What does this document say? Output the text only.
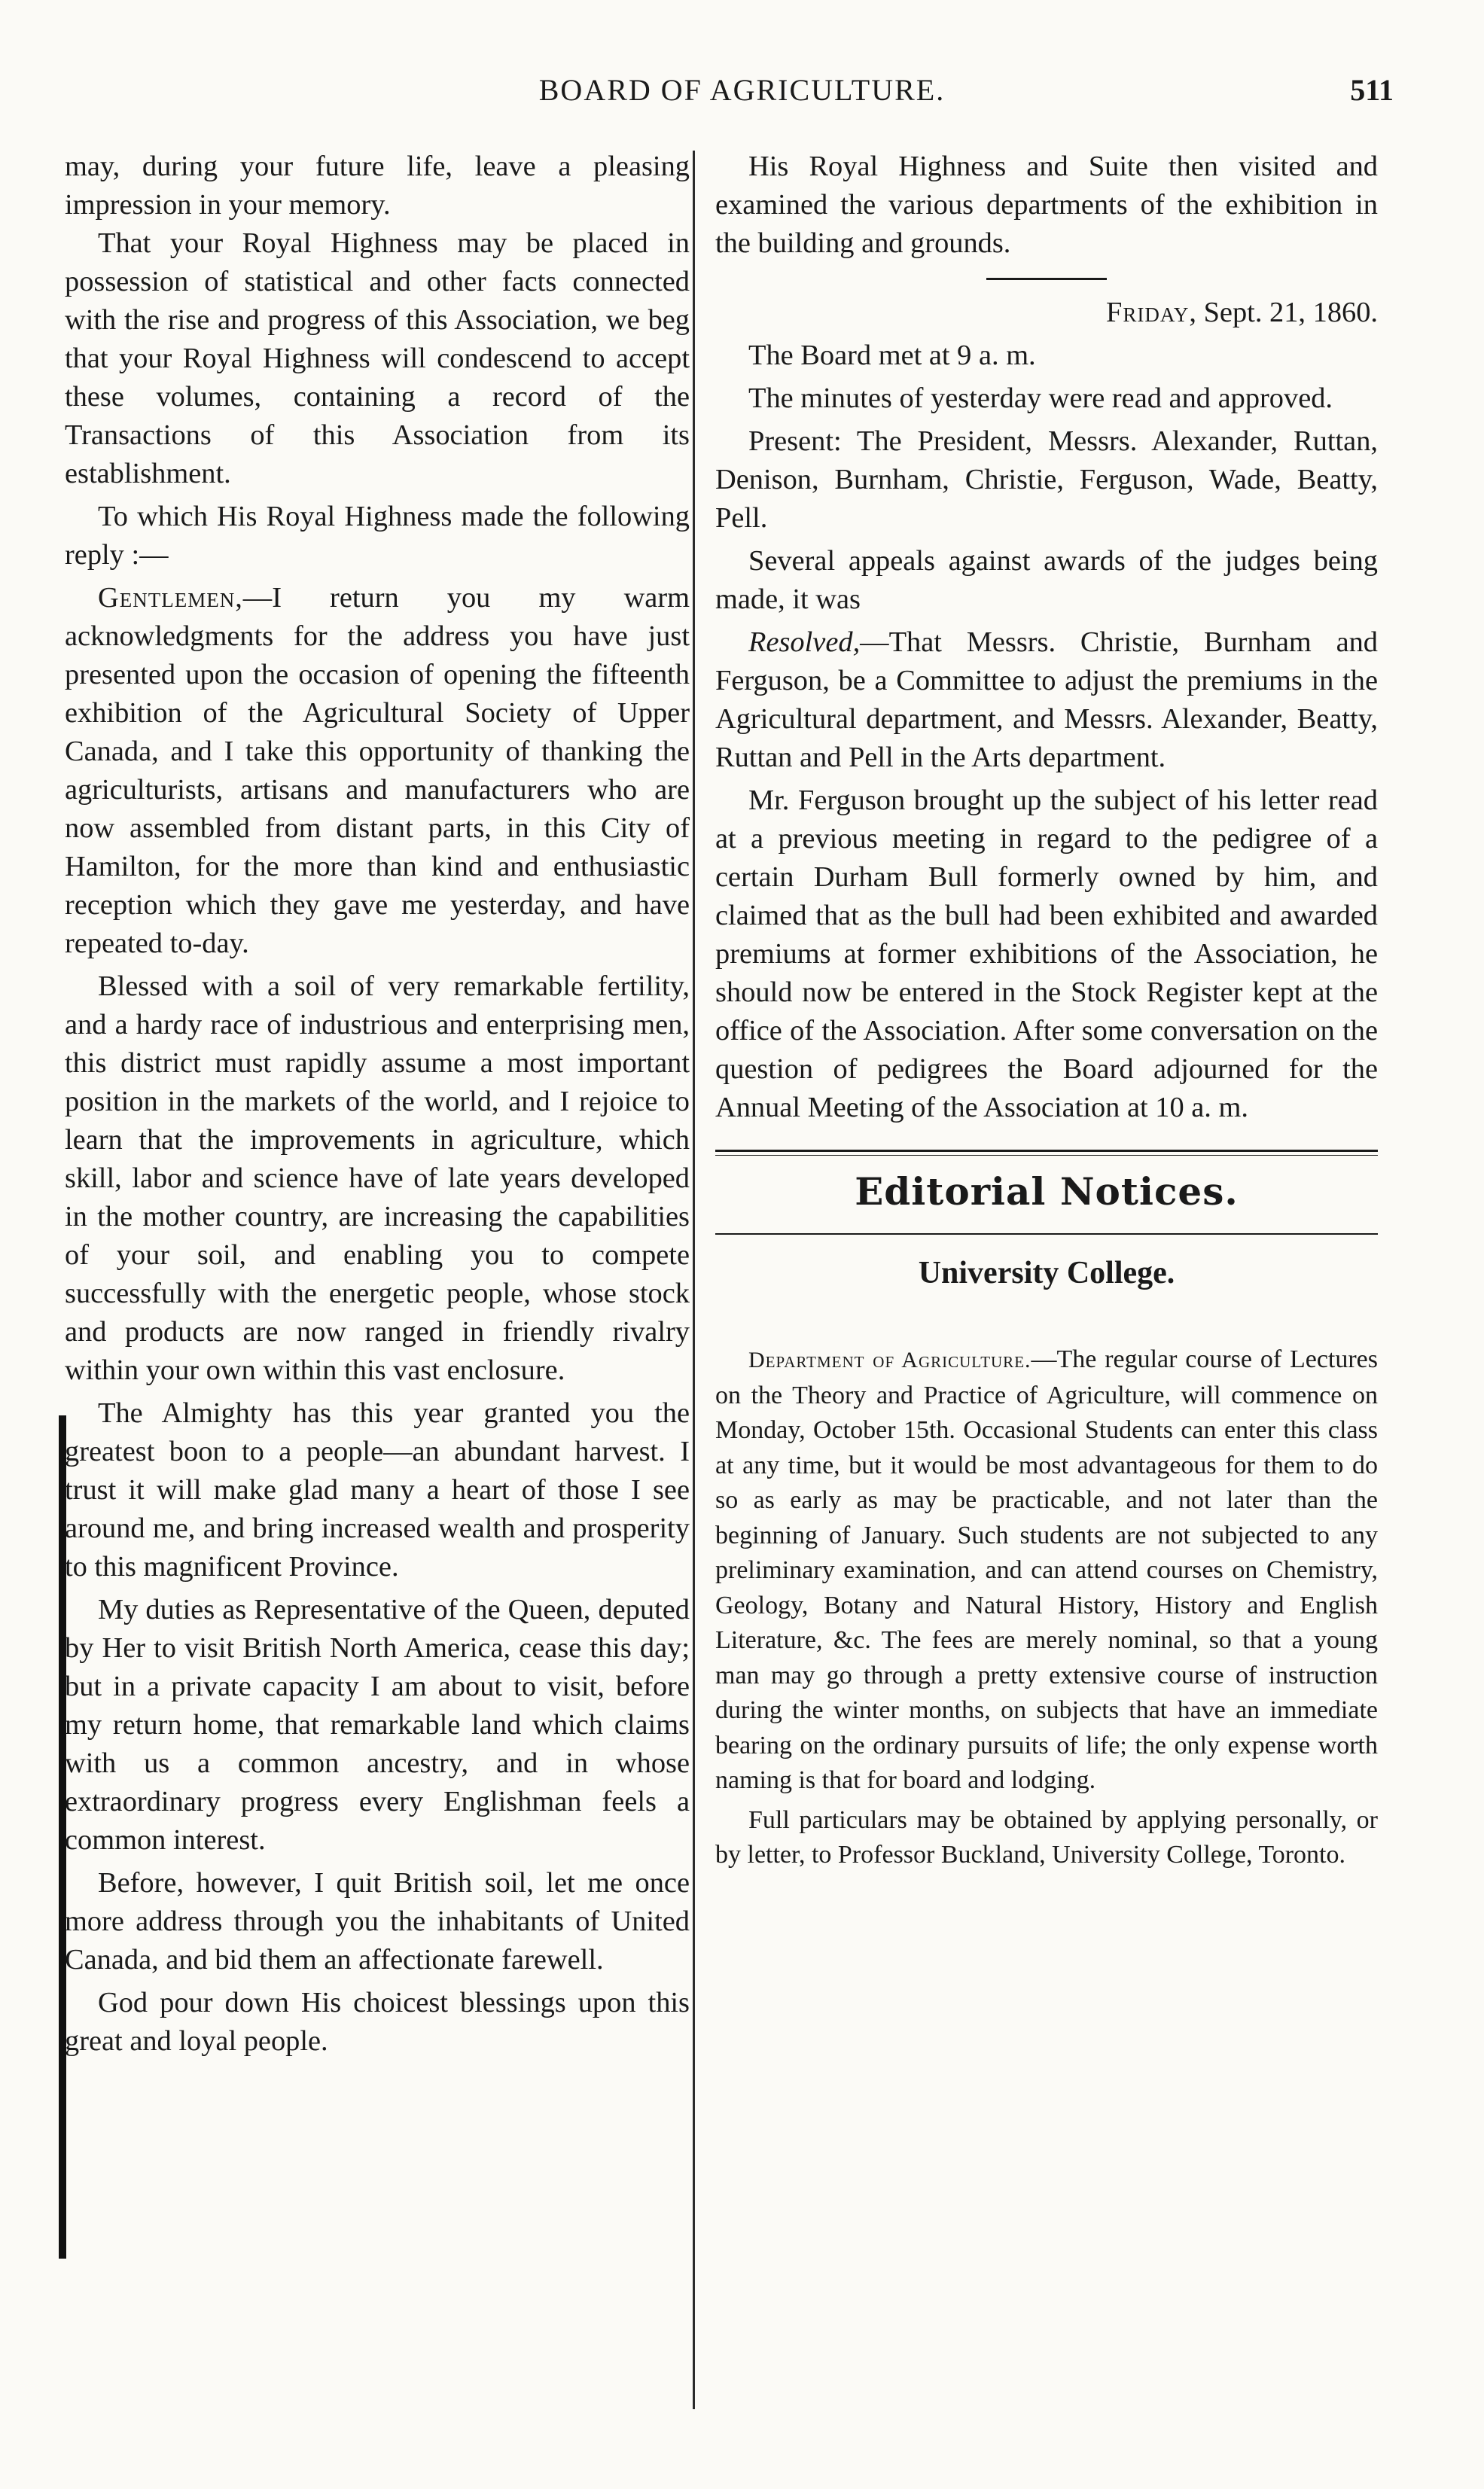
BOARD OF AGRICULTURE.	511

may, during your future life, leave a pleasing impression in your memory.

That your Royal Highness may be placed in possession of statistical and other facts connected with the rise and progress of this Association, we beg that your Royal Highness will condescend to accept these volumes, containing a record of the Transactions of this Association from its establishment.

To which His Royal Highness made the following reply :—

Gentlemen,—I return you my warm acknowledgments for the address you have just presented upon the occasion of opening the fifteenth exhibition of the Agricultural Society of Upper Canada, and I take this opportunity of thanking the agriculturists, artisans and manufacturers who are now assembled from distant parts, in this City of Hamilton, for the more than kind and enthusiastic reception which they gave me yesterday, and have repeated to-day.

Blessed with a soil of very remarkable fertility, and a hardy race of industrious and enterprising men, this district must rapidly assume a most important position in the markets of the world, and I rejoice to learn that the improvements in agriculture, which skill, labor and science have of late years developed in the mother country, are increasing the capabilities of your soil, and enabling you to compete successfully with the energetic people, whose stock and products are now ranged in friendly rivalry within your own within this vast enclosure.

The Almighty has this year granted you the greatest boon to a people—an abundant harvest. I trust it will make glad many a heart of those I see around me, and bring increased wealth and prosperity to this magnificent Province.

My duties as Representative of the Queen, deputed by Her to visit British North America, cease this day; but in a private capacity I am about to visit, before my return home, that remarkable land which claims with us a common ancestry, and in whose extraordinary progress every Englishman feels a common interest.

Before, however, I quit British soil, let me once more address through you the inhabitants of United Canada, and bid them an affectionate farewell.

God pour down His choicest blessings upon this great and loyal people.

His Royal Highness and Suite then visited and examined the various departments of the exhibition in the building and grounds.

Friday, Sept. 21, 1860.

The Board met at 9 a. m.

The minutes of yesterday were read and approved.

Present: The President, Messrs. Alexander, Ruttan, Denison, Burnham, Christie, Ferguson, Wade, Beatty, Pell.

Several appeals against awards of the judges being made, it was

Resolved,—That Messrs. Christie, Burnham and Ferguson, be a Committee to adjust the premiums in the Agricultural department, and Messrs. Alexander, Beatty, Ruttan and Pell in the Arts department.

Mr. Ferguson brought up the subject of his letter read at a previous meeting in regard to the pedigree of a certain Durham Bull formerly owned by him, and claimed that as the bull had been exhibited and awarded premiums at former exhibitions of the Association, he should now be entered in the Stock Register kept at the office of the Association. After some conversation on the question of pedigrees the Board adjourned for the Annual Meeting of the Association at 10 a. m.

Editorial Notices.
University College.

Department of Agriculture.—The regular course of Lectures on the Theory and Practice of Agriculture, will commence on Monday, October 15th. Occasional Students can enter this class at any time, but it would be most advantageous for them to do so as early as may be practicable, and not later than the beginning of January. Such students are not subjected to any preliminary examination, and can attend courses on Chemistry, Geology, Botany and Natural History, History and English Literature, &c. The fees are merely nominal, so that a young man may go through a pretty extensive course of instruction during the winter months, on subjects that have an immediate bearing on the ordinary pursuits of life; the only expense worth naming is that for board and lodging.

Full particulars may be obtained by applying personally, or by letter, to Professor Buckland, University College, Toronto.
